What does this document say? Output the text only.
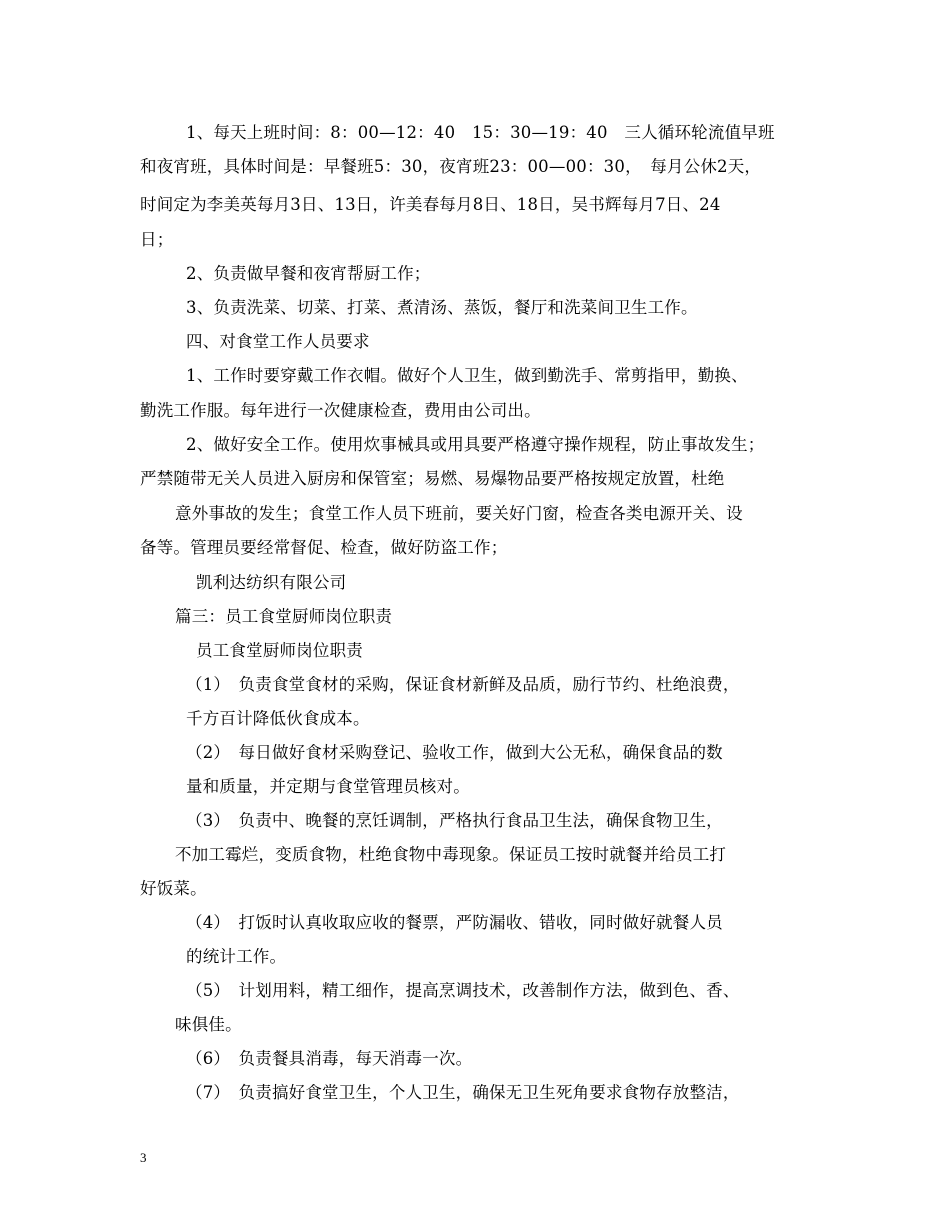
1、每天上班时间：8：00—12：40　15：30—19：40　三人循环轮流值早班
和夜宵班，具体时间是：早餐班5：30，夜宵班23：00—00：30，　每月公休2天，
时间定为李美英每月3日、13日，许美春每月8日、18日，吴书辉每月7日、24
日；
2、负责做早餐和夜宵帮厨工作；
3、负责洗菜、切菜、打菜、煮清汤、蒸饭，餐厅和洗菜间卫生工作。
四、对食堂工作人员要求
1、工作时要穿戴工作衣帽。做好个人卫生，做到勤洗手、常剪指甲，勤换、
勤洗工作服。每年进行一次健康检查，费用由公司出。
2、做好安全工作。使用炊事械具或用具要严格遵守操作规程，防止事故发生；
严禁随带无关人员进入厨房和保管室；易燃、易爆物品要严格按规定放置，杜绝
意外事故的发生；食堂工作人员下班前，要关好门窗，检查各类电源开关、设
备等。管理员要经常督促、检查，做好防盗工作；
凯利达纺织有限公司
篇三：员工食堂厨师岗位职责
员工食堂厨师岗位职责
（1）　负责食堂食材的采购，保证食材新鲜及品质，励行节约、杜绝浪费，
千方百计降低伙食成本。
（2）　每日做好食材采购登记、验收工作，做到大公无私，确保食品的数
量和质量，并定期与食堂管理员核对。
（3）　负责中、晚餐的烹饪调制，严格执行食品卫生法，确保食物卫生，
不加工霉烂，变质食物，杜绝食物中毒现象。保证员工按时就餐并给员工打
好饭菜。
（4）　打饭时认真收取应收的餐票，严防漏收、错收，同时做好就餐人员
的统计工作。
（5）　计划用料，精工细作，提高烹调技术，改善制作方法，做到色、香、
味俱佳。
（6）　负责餐具消毒，每天消毒一次。
（7）　负责搞好食堂卫生，个人卫生，确保无卫生死角要求食物存放整洁，
3
